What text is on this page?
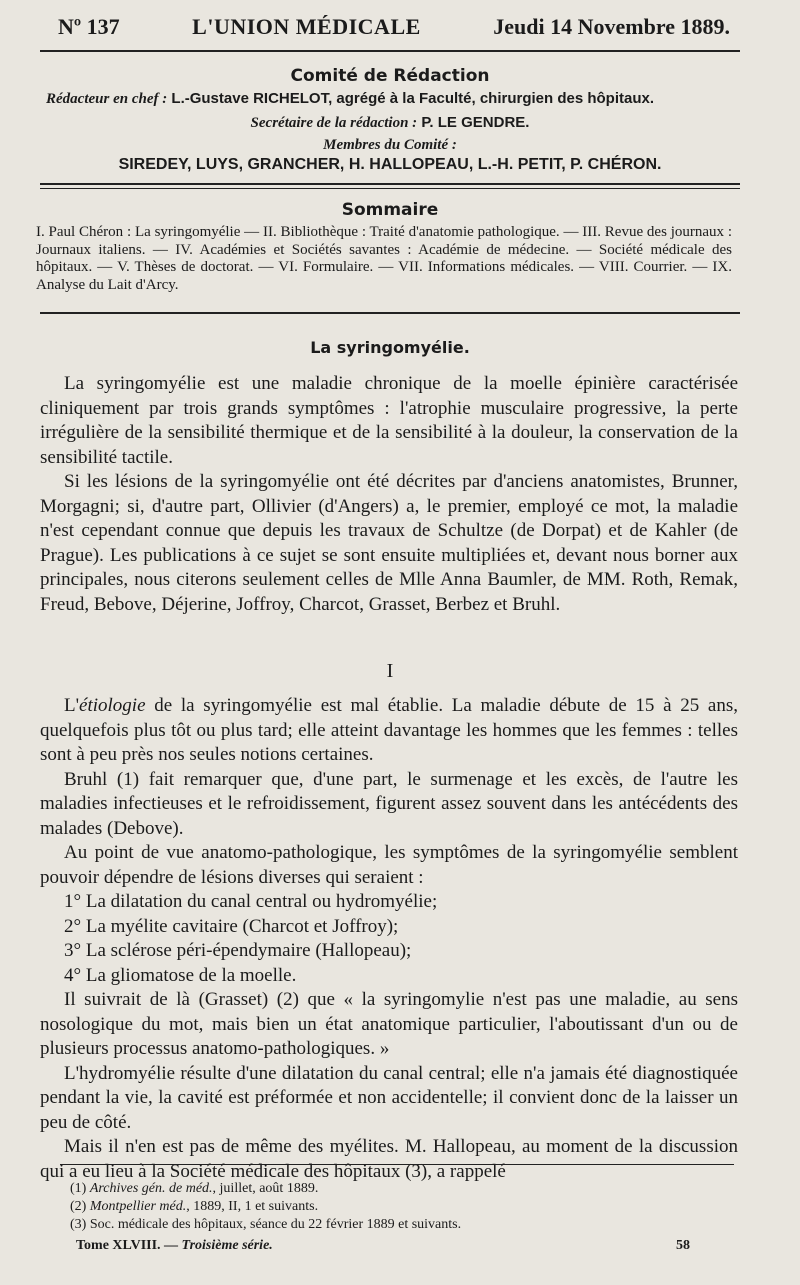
Nº 137	L'UNION MÉDICALE	Jeudi 14 Novembre 1889.
Comité de Rédaction
Rédacteur en chef : L.-Gustave RICHELOT, agrégé à la Faculté, chirurgien des hôpitaux.
Secrétaire de la rédaction : P. LE GENDRE.
Membres du Comité :
SIREDEY, LUYS, GRANCHER, H. HALLOPEAU, L.-H. PETIT, P. CHÉRON.
Sommaire
I. Paul Chéron : La syringomyélie — II. Bibliothèque : Traité d'anatomie pathologique. — III. Revue des journaux : Journaux italiens. — IV. Académies et Sociétés savantes : Académie de médecine. — Société médicale des hôpitaux. — V. Thèses de doctorat. — VI. Formulaire. — VII. Informations médicales. — VIII. Courrier. — IX. Analyse du Lait d'Arcy.
La syringomyélie.

La syringomyélie est une maladie chronique de la moelle épinière caractérisée cliniquement par trois grands symptômes : l'atrophie musculaire progressive, la perte irrégulière de la sensibilité thermique et de la sensibilité à la douleur, la conservation de la sensibilité tactile.

Si les lésions de la syringomyélie ont été décrites par d'anciens anatomistes, Brunner, Morgagni; si, d'autre part, Ollivier (d'Angers) a, le premier, employé ce mot, la maladie n'est cependant connue que depuis les travaux de Schultze (de Dorpat) et de Kahler (de Prague). Les publications à ce sujet se sont ensuite multipliées et, devant nous borner aux principales, nous citerons seulement celles de Mlle Anna Baumler, de MM. Roth, Remak, Freud, Bebove, Déjerine, Joffroy, Charcot, Grasset, Berbez et Bruhl.

I

L'étiologie de la syringomyélie est mal établie. La maladie débute de 15 à 25 ans, quelquefois plus tôt ou plus tard; elle atteint davantage les hommes que les femmes : telles sont à peu près nos seules notions certaines.

Bruhl (1) fait remarquer que, d'une part, le surmenage et les excès, de l'autre les maladies infectieuses et le refroidissement, figurent assez souvent dans les antécédents des malades (Debove).

Au point de vue anatomo-pathologique, les symptômes de la syringomyélie semblent pouvoir dépendre de lésions diverses qui seraient :

1° La dilatation du canal central ou hydromyélie;

2° La myélite cavitaire (Charcot et Joffroy);

3° La sclérose péri-épendymaire (Hallopeau);

4° La gliomatose de la moelle.

Il suivrait de là (Grasset) (2) que « la syringomylie n'est pas une maladie, au sens nosologique du mot, mais bien un état anatomique particulier, l'aboutissant d'un ou de plusieurs processus anatomo-pathologiques. »

L'hydromyélie résulte d'une dilatation du canal central; elle n'a jamais été diagnostiquée pendant la vie, la cavité est préformée et non accidentelle; il convient donc de la laisser un peu de côté.

Mais il n'en est pas de même des myélites. M. Hallopeau, au moment de la discussion qui a eu lieu à la Société médicale des hôpitaux (3), a rappelé

(1) Archives gén. de méd., juillet, août 1889.
(2) Montpellier méd., 1889, II, 1 et suivants.
(3) Soc. médicale des hôpitaux, séance du 22 février 1889 et suivants.
Tome XLVIII. — Troisième série.	58
